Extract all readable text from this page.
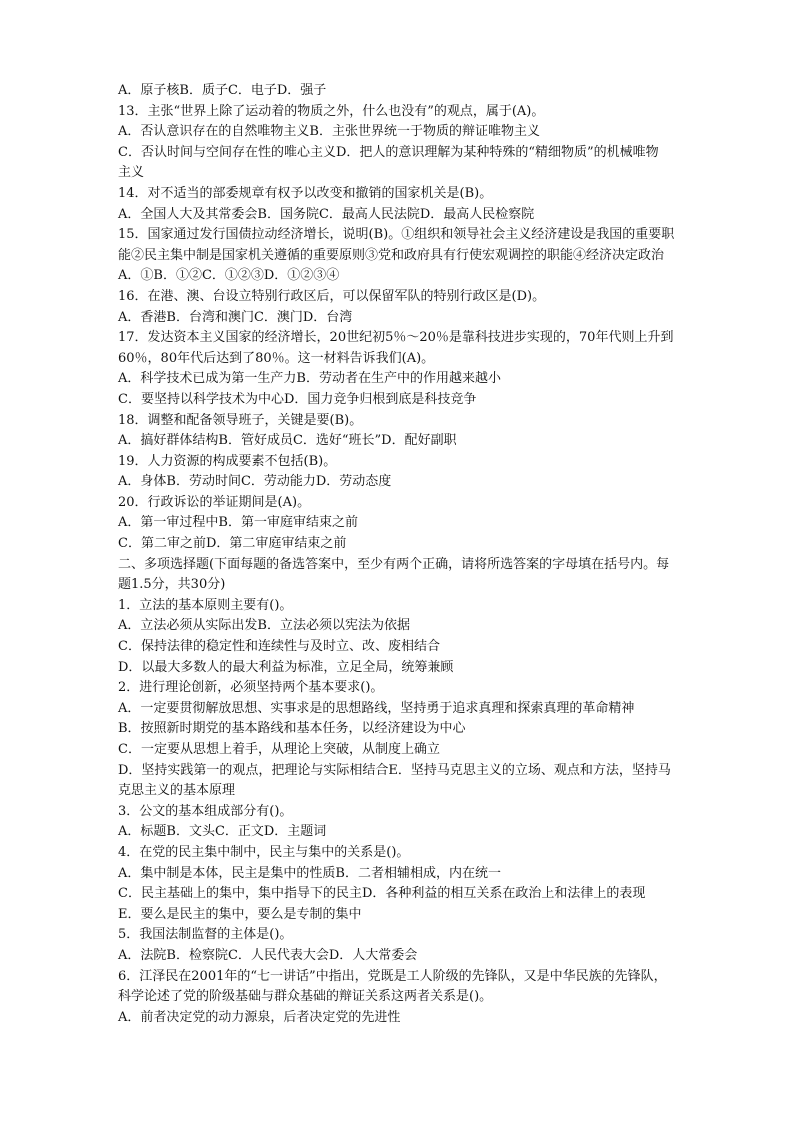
A．原子核B．质子C．电子D．强子
13．主张“世界上除了运动着的物质之外，什么也没有”的观点，属于(A)。
A．否认意识存在的自然唯物主义B．主张世界统一于物质的辩证唯物主义
C．否认时间与空间存在性的唯心主义D．把人的意识理解为某种特殊的“精细物质”的机械唯物
主义
14．对不适当的部委规章有权予以改变和撤销的国家机关是(B)。
A．全国人大及其常委会B．国务院C．最高人民法院D．最高人民检察院
15．国家通过发行国债拉动经济增长，说明(B)。①组织和领导社会主义经济建设是我国的重要职
能②民主集中制是国家机关遵循的重要原则③党和政府具有行使宏观调控的职能④经济决定政治
A．①B．①②C．①②③D．①②③④
16．在港、澳、台设立特别行政区后，可以保留军队的特别行政区是(D)。
A．香港B．台湾和澳门C．澳门D．台湾
17．发达资本主义国家的经济增长，20世纪初5％～20％是靠科技进步实现的，70年代则上升到
60％，80年代后达到了80％。这一材料告诉我们(A)。
A．科学技术已成为第一生产力B．劳动者在生产中的作用越来越小
C．要坚持以科学技术为中心D．国力竞争归根到底是科技竞争
18．调整和配备领导班子，关键是要(B)。
A．搞好群体结构B．管好成员C．选好“班长”D．配好副职
19．人力资源的构成要素不包括(B)。
A．身体B．劳动时间C．劳动能力D．劳动态度
20．行政诉讼的举证期间是(A)。
A．第一审过程中B．第一审庭审结束之前
C．第二审之前D．第二审庭审结束之前
二、多项选择题(下面每题的备选答案中，至少有两个正确，请将所选答案的字母填在括号内。每
题1.5分，共30分)
1．立法的基本原则主要有()。
A．立法必须从实际出发B．立法必须以宪法为依据
C．保持法律的稳定性和连续性与及时立、改、废相结合
D．以最大多数人的最大利益为标准，立足全局，统筹兼顾
2．进行理论创新，必须坚持两个基本要求()。
A．一定要贯彻解放思想、实事求是的思想路线，坚持勇于追求真理和探索真理的革命精神
B．按照新时期党的基本路线和基本任务，以经济建设为中心
C．一定要从思想上着手，从理论上突破，从制度上确立
D．坚持实践第一的观点，把理论与实际相结合E．坚持马克思主义的立场、观点和方法，坚持马
克思主义的基本原理
3．公文的基本组成部分有()。
A．标题B．文头C．正文D．主题词
4．在党的民主集中制中，民主与集中的关系是()。
A．集中制是本体，民主是集中的性质B．二者相辅相成，内在统一
C．民主基础上的集中，集中指导下的民主D．各种利益的相互关系在政治上和法律上的表现
E．要么是民主的集中，要么是专制的集中
5．我国法制监督的主体是()。
A．法院B．检察院C．人民代表大会D．人大常委会
6．江泽民在2001年的“七一讲话”中指出，党既是工人阶级的先锋队，又是中华民族的先锋队，
科学论述了党的阶级基础与群众基础的辩证关系这两者关系是()。
A．前者决定党的动力源泉，后者决定党的先进性
